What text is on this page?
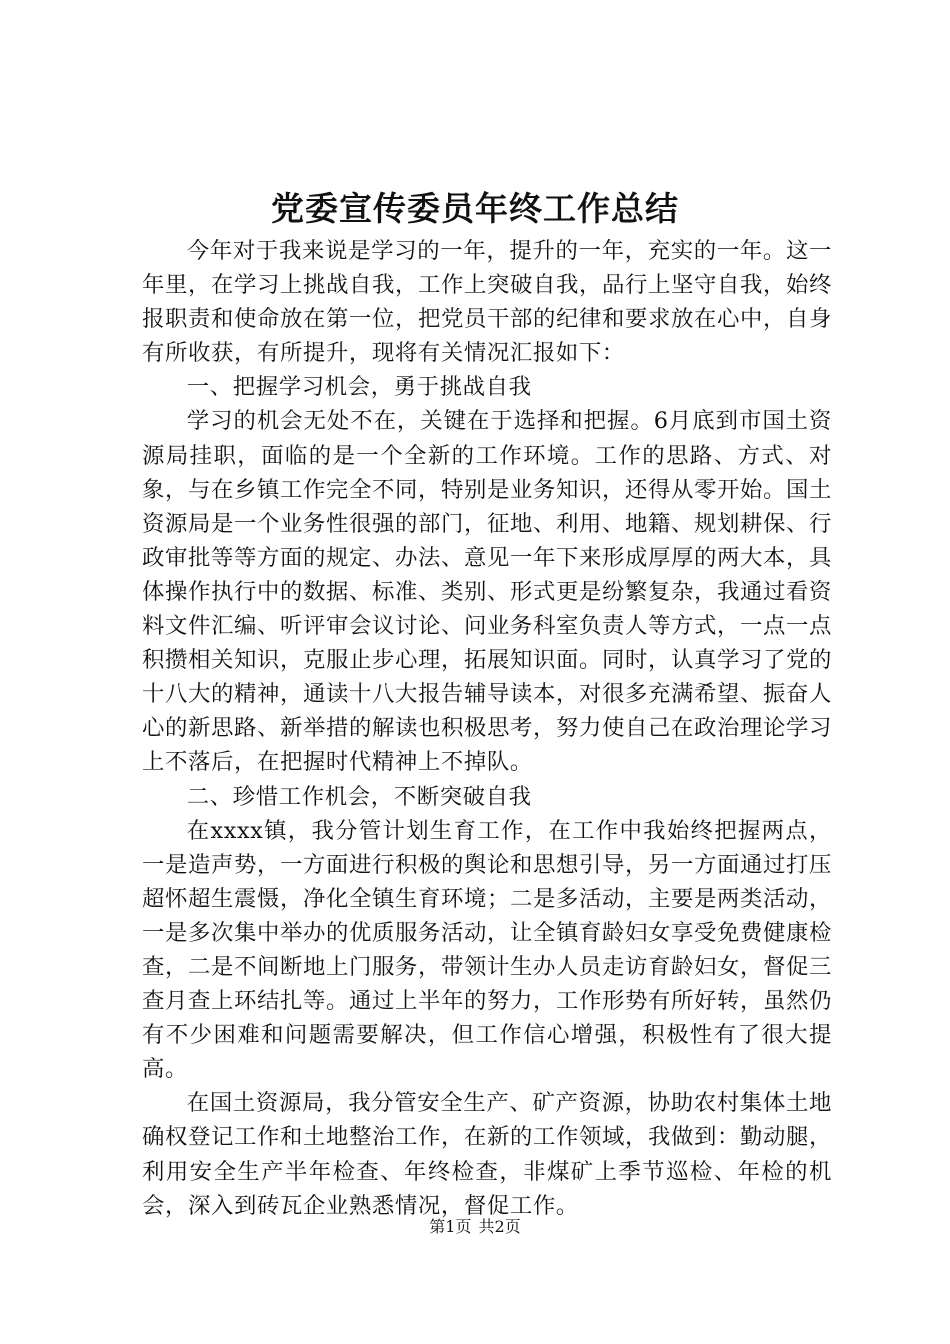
党委宣传委员年终工作总结

今年对于我来说是学习的一年，提升的一年，充实的一年。这一年里，在学习上挑战自我，工作上突破自我，品行上坚守自我，始终报职责和使命放在第一位，把党员干部的纪律和要求放在心中，自身有所收获，有所提升，现将有关情况汇报如下：

一、把握学习机会，勇于挑战自我

学习的机会无处不在，关键在于选择和把握。6月底到市国土资源局挂职，面临的是一个全新的工作环境。工作的思路、方式、对象，与在乡镇工作完全不同，特别是业务知识，还得从零开始。国土资源局是一个业务性很强的部门，征地、利用、地籍、规划耕保、行政审批等等方面的规定、办法、意见一年下来形成厚厚的两大本，具体操作执行中的数据、标准、类别、形式更是纷繁复杂，我通过看资料文件汇编、听评审会议讨论、问业务科室负责人等方式，一点一点积攒相关知识，克服止步心理，拓展知识面。同时，认真学习了党的十八大的精神，通读十八大报告辅导读本，对很多充满希望、振奋人心的新思路、新举措的解读也积极思考，努力使自己在政治理论学习上不落后，在把握时代精神上不掉队。

二、珍惜工作机会，不断突破自我

在xxxx镇，我分管计划生育工作，在工作中我始终把握两点，一是造声势，一方面进行积极的舆论和思想引导，另一方面通过打压超怀超生震慑，净化全镇生育环境；二是多活动，主要是两类活动，一是多次集中举办的优质服务活动，让全镇育龄妇女享受免费健康检查，二是不间断地上门服务，带领计生办人员走访育龄妇女，督促三查月查上环结扎等。通过上半年的努力，工作形势有所好转，虽然仍有不少困难和问题需要解决，但工作信心增强，积极性有了很大提高。

在国土资源局，我分管安全生产、矿产资源，协助农村集体土地确权登记工作和土地整治工作，在新的工作领域，我做到：勤动腿，利用安全生产半年检查、年终检查，非煤矿上季节巡检、年检的机会，深入到砖瓦企业熟悉情况，督促工作。

第1页 共2页
